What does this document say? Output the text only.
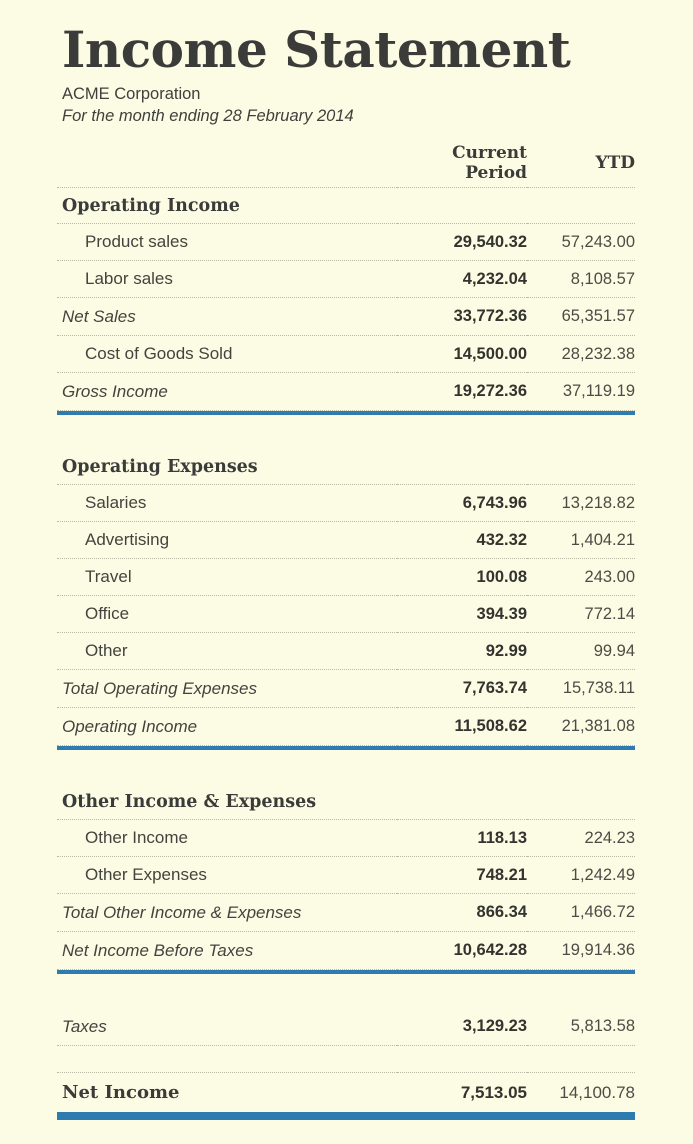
Income Statement
ACME Corporation
For the month ending 28 February 2014
	Current Period	YTD
Operating Income		
Product sales	29,540.32	57,243.00
Labor sales	4,232.04	8,108.57
Net Sales	33,772.36	65,351.57
Cost of Goods Sold	14,500.00	28,232.38
Gross Income	19,272.36	37,119.19

Operating Expenses		
Salaries	6,743.96	13,218.82
Advertising	432.32	1,404.21
Travel	100.08	243.00
Office	394.39	772.14
Other	92.99	99.94
Total Operating Expenses	7,763.74	15,738.11
Operating Income	11,508.62	21,381.08

Other Income & Expenses		
Other Income	118.13	224.23
Other Expenses	748.21	1,242.49
Total Other Income & Expenses	866.34	1,466.72
Net Income Before Taxes	10,642.28	19,914.36

Taxes	3,129.23	5,813.58

Net Income	7,513.05	14,100.78
